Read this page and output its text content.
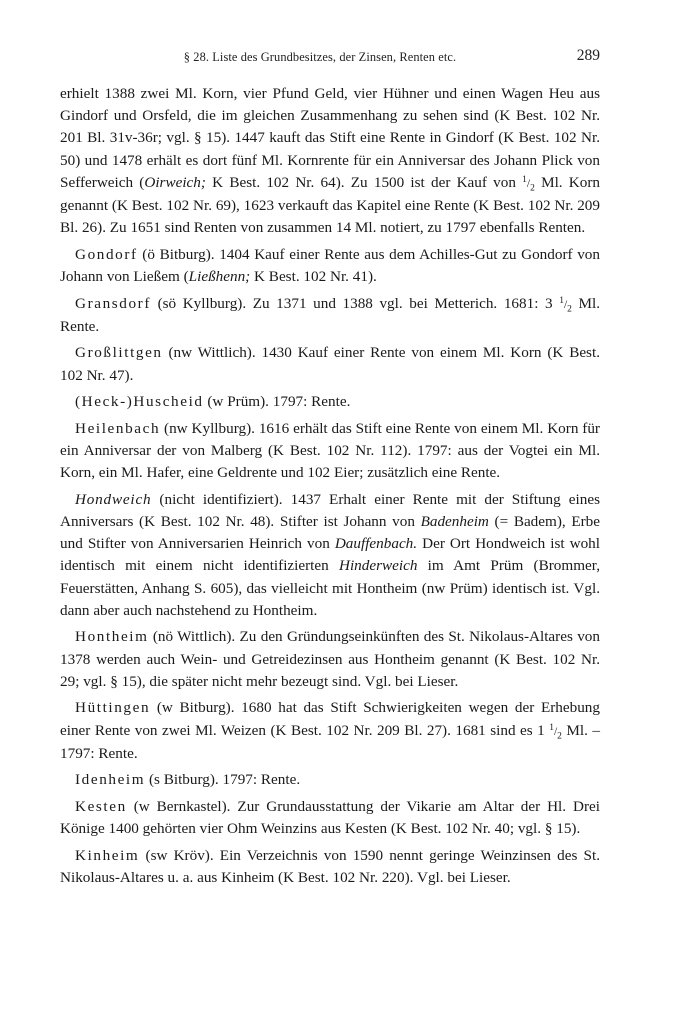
§ 28. Liste des Grundbesitzes, der Zinsen, Renten etc.	289

erhielt 1388 zwei Ml. Korn, vier Pfund Geld, vier Hühner und einen Wagen Heu aus Gindorf und Orsfeld, die im gleichen Zusammenhang zu sehen sind (K Best. 102 Nr. 201 Bl. 31v-36r; vgl. § 15). 1447 kauft das Stift eine Rente in Gindorf (K Best. 102 Nr. 50) und 1478 erhält es dort fünf Ml. Kornrente für ein Anniversar des Johann Plick von Sefferweich (Oirweich; K Best. 102 Nr. 64). Zu 1500 ist der Kauf von $^1/_2$ Ml. Korn genannt (K Best. 102 Nr. 69), 1623 verkauft das Kapitel eine Rente (K Best. 102 Nr. 209 Bl. 26). Zu 1651 sind Renten von zusammen 14 Ml. notiert, zu 1797 ebenfalls Renten.

Gondorf (ö Bitburg). 1404 Kauf einer Rente aus dem Achilles-Gut zu Gondorf von Johann von Ließem (Ließhenn; K Best. 102 Nr. 41).

Gransdorf (sö Kyllburg). Zu 1371 und 1388 vgl. bei Metterich. 1681: 3 $^1/_2$ Ml. Rente.

Großlittgen (nw Wittlich). 1430 Kauf einer Rente von einem Ml. Korn (K Best. 102 Nr. 47).

(Heck-)Huscheid (w Prüm). 1797: Rente.

Heilenbach (nw Kyllburg). 1616 erhält das Stift eine Rente von einem Ml. Korn für ein Anniversar der von Malberg (K Best. 102 Nr. 112). 1797: aus der Vogtei ein Ml. Korn, ein Ml. Hafer, eine Geldrente und 102 Eier; zusätzlich eine Rente.

Hondweich (nicht identifiziert). 1437 Erhalt einer Rente mit der Stiftung eines Anniversars (K Best. 102 Nr. 48). Stifter ist Johann von Badenheim (= Badem), Erbe und Stifter von Anniversarien Heinrich von Dauffenbach. Der Ort Hondweich ist wohl identisch mit einem nicht identifizierten Hinderweich im Amt Prüm (Brommer, Feuerstätten, Anhang S. 605), das vielleicht mit Hontheim (nw Prüm) identisch ist. Vgl. dann aber auch nachstehend zu Hontheim.

Hontheim (nö Wittlich). Zu den Gründungseinkünften des St. Nikolaus-Altares von 1378 werden auch Wein- und Getreidezinsen aus Hontheim genannt (K Best. 102 Nr. 29; vgl. § 15), die später nicht mehr bezeugt sind. Vgl. bei Lieser.

Hüttingen (w Bitburg). 1680 hat das Stift Schwierigkeiten wegen der Erhebung einer Rente von zwei Ml. Weizen (K Best. 102 Nr. 209 Bl. 27). 1681 sind es 1 $^1/_2$ Ml. – 1797: Rente.

Idenheim (s Bitburg). 1797: Rente.

Kesten (w Bernkastel). Zur Grundausstattung der Vikarie am Altar der Hl. Drei Könige 1400 gehörten vier Ohm Weinzins aus Kesten (K Best. 102 Nr. 40; vgl. § 15).

Kinheim (sw Kröv). Ein Verzeichnis von 1590 nennt geringe Weinzinsen des St. Nikolaus-Altares u. a. aus Kinheim (K Best. 102 Nr. 220). Vgl. bei Lieser.
